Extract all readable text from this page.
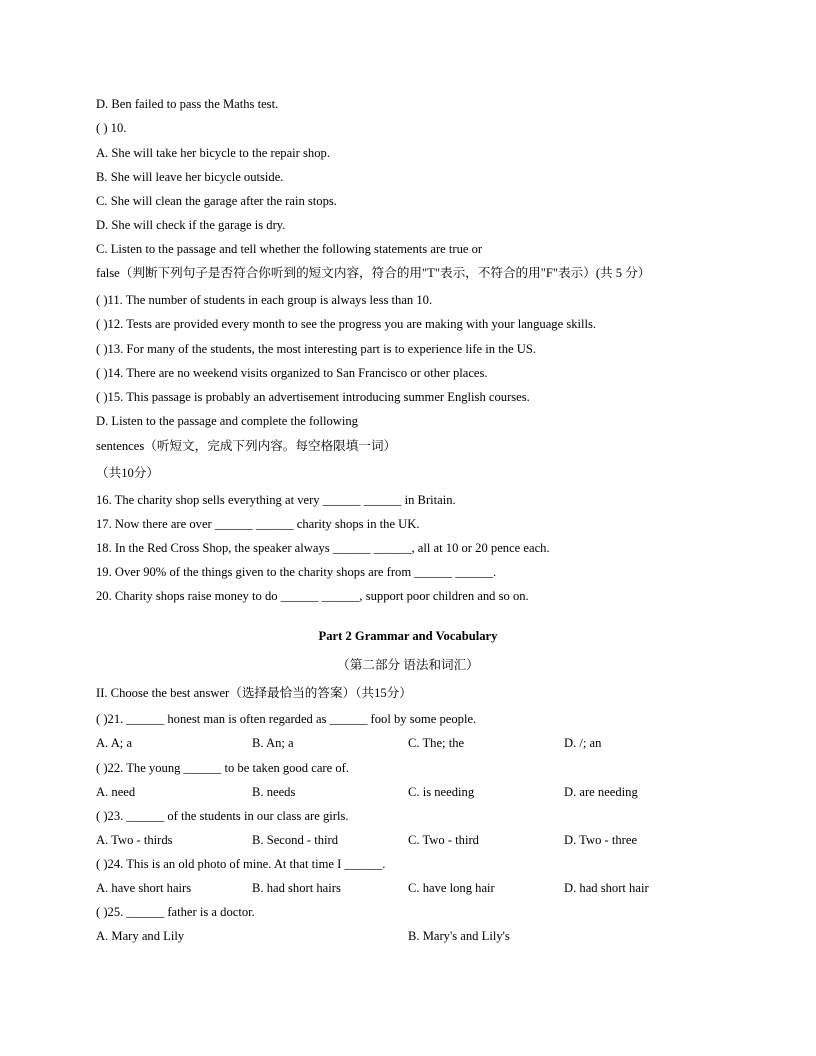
D. Ben failed to pass the Maths test.
( ) 10.
A. She will take her bicycle to the repair shop.
B. She will leave her bicycle outside.
C. She will clean the garage after the rain stops.
D. She will check if the garage is dry.
C. Listen to the passage and tell whether the following statements are true or
false（判断下列句子是否符合你听到的短文内容，符合的用"T"表示，不符合的用"F"表示）(共 5 分）
( )11. The number of students in each group is always less than 10.
( )12. Tests are provided every month to see the progress you are making with your language skills.
( )13. For many of the students, the most interesting part is to experience life in the US.
( )14. There are no weekend visits organized to San Francisco or other places.
( )15. This passage is probably an advertisement introducing summer English courses.
D. Listen to the passage and complete the following
sentences（听短文，完成下列内容。每空格限填一词）
（共10分）
16. The charity shop sells everything at very ______ ______ in Britain.
17. Now there are over ______ ______ charity shops in the UK.
18. In the Red Cross Shop, the speaker always ______ ______, all at 10 or 20 pence each.
19. Over 90% of the things given to the charity shops are from ______ ______.
20. Charity shops raise money to do ______ ______, support poor children and so on.
Part 2 Grammar and Vocabulary
（第二部分 语法和词汇）
II. Choose the best answer（选择最恰当的答案）（共15分）
( )21. ______ honest man is often regarded as ______ fool by some people.
A. A; a	B. An; a	C. The; the	D. /; an
( )22. The young ______ to be taken good care of.
A. need	B. needs	C. is needing	D. are needing
( )23. ______ of the students in our class are girls.
A. Two - thirds	B. Second - third	C. Two - third	D. Two - three
( )24. This is an old photo of mine. At that time I ______.
A. have short hairs	B. had short hairs	C. have long hair	D. had short hair
( )25. ______ father is a doctor.
A. Mary and Lily	B. Mary's and Lily's
